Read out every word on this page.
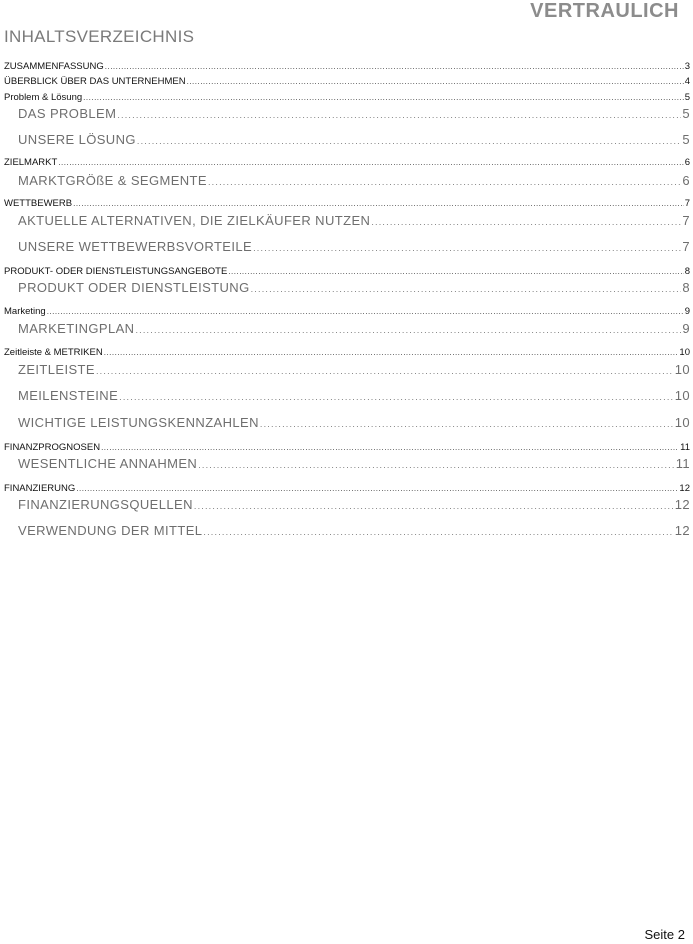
VERTRAULICH
INHALTSVERZEICHNIS
ZUSAMMENFASSUNG .....	3
ÜBERBLICK ÜBER DAS UNTERNEHMEN .....	4
Problem & Lösung .....	5
DAS PROBLEM .....	5
UNSERE LÖSUNG .....	5
ZIELMARKT .....	6
MARKTGRÖßE & SEGMENTE .....	6
WETTBEWERB .....	7
AKTUELLE ALTERNATIVEN, DIE ZIELKÄUFER NUTZEN .....	7
UNSERE WETTBEWERBSVORTEILE .....	7
PRODUKT- ODER DIENSTLEISTUNGSANGEBOTE .....	8
PRODUKT ODER DIENSTLEISTUNG .....	8
Marketing .....	9
MARKETINGPLAN .....	9
Zeitleiste & METRIKEN .....	10
ZEITLEISTE .....	10
MEILENSTEINE .....	10
WICHTIGE LEISTUNGSKENNZAHLEN .....	10
FINANZPROGNOSEN .....	11
WESENTLICHE ANNAHMEN .....	11
FINANZIERUNG .....	12
FINANZIERUNGSQUELLEN .....	12
VERWENDUNG DER MITTEL .....	12
Seite 2
